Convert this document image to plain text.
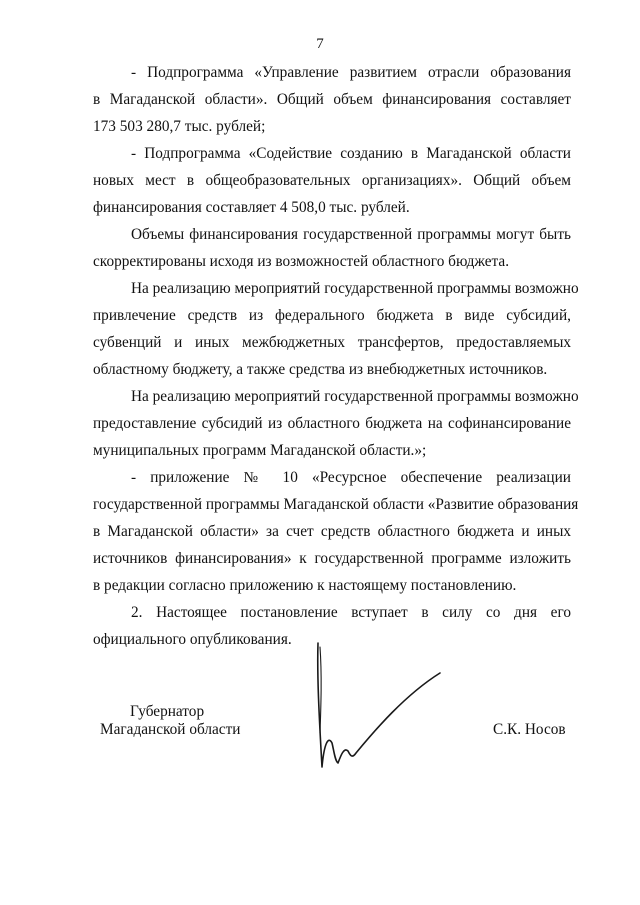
7
- Подпрограмма «Управление развитием отрасли образования
в Магаданской области». Общий объем финансирования составляет
173 503 280,7 тыс. рублей;
- Подпрограмма «Содействие созданию в Магаданской области
новых мест в общеобразовательных организациях». Общий объем
финансирования составляет 4 508,0 тыс. рублей.
Объемы финансирования государственной программы могут быть
скорректированы исходя из возможностей областного бюджета.
На реализацию мероприятий государственной программы возможно
привлечение средств из федерального бюджета в виде субсидий,
субвенций и иных межбюджетных трансфертов, предоставляемых
областному бюджету, а также средства из внебюджетных источников.
На реализацию мероприятий государственной программы возможно
предоставление субсидий из областного бюджета на софинансирование
муниципальных программ Магаданской области.»;
- приложение № 10 «Ресурсное обеспечение реализации
государственной программы Магаданской области «Развитие образования
в Магаданской области» за счет средств областного бюджета и иных
источников финансирования» к государственной программе изложить
в редакции согласно приложению к настоящему постановлению.
2. Настоящее постановление вступает в силу со дня его
официального опубликования.
Губернатор
Магаданской области	С.К. Носов
